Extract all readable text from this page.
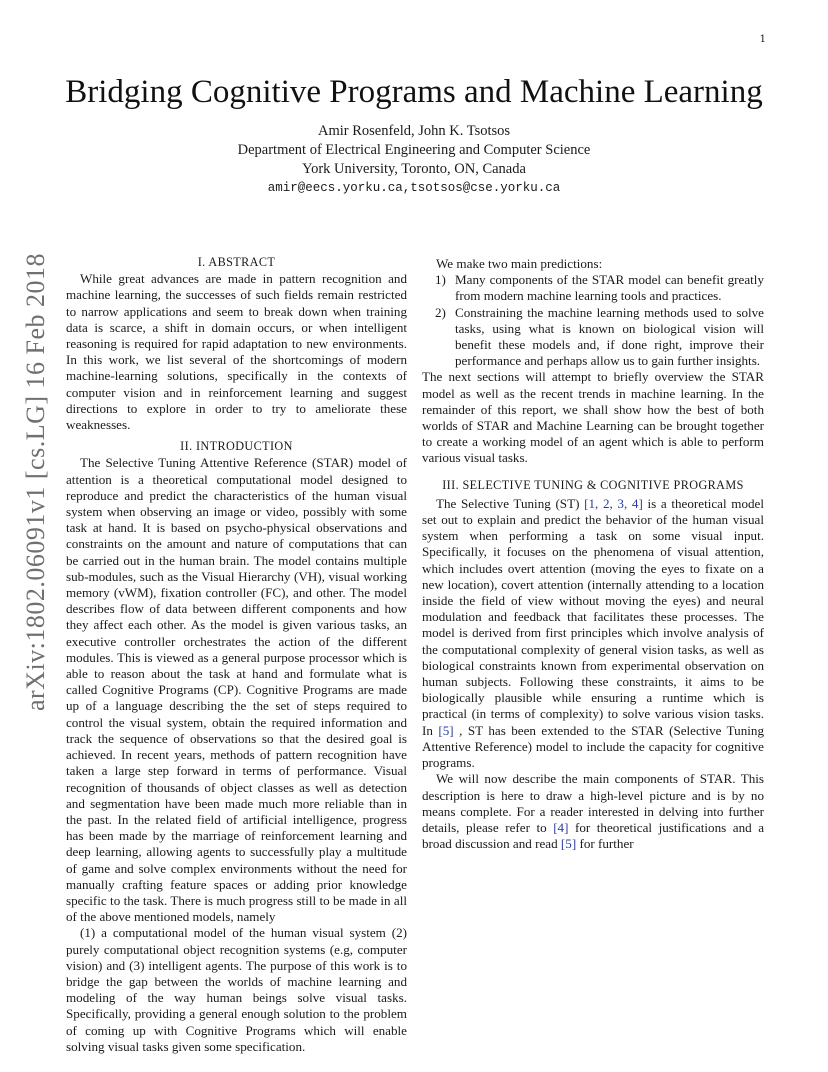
1
arXiv:1802.06091v1 [cs.LG] 16 Feb 2018
Bridging Cognitive Programs and Machine Learning
Amir Rosenfeld, John K. Tsotsos
Department of Electrical Engineering and Computer Science
York University, Toronto, ON, Canada
amir@eecs.yorku.ca,tsotsos@cse.yorku.ca
I. ABSTRACT

While great advances are made in pattern recognition and machine learning, the successes of such fields remain restricted to narrow applications and seem to break down when training data is scarce, a shift in domain occurs, or when intelligent reasoning is required for rapid adaptation to new environments. In this work, we list several of the shortcomings of modern machine-learning solutions, specifically in the contexts of computer vision and in reinforcement learning and suggest directions to explore in order to try to ameliorate these weaknesses.

II. INTRODUCTION

The Selective Tuning Attentive Reference (STAR) model of attention is a theoretical computational model designed to reproduce and predict the characteristics of the human visual system when observing an image or video, possibly with some task at hand. It is based on psycho-physical observations and constraints on the amount and nature of computations that can be carried out in the human brain. The model contains multiple sub-modules, such as the Visual Hierarchy (VH), visual working memory (vWM), fixation controller (FC), and other. The model describes flow of data between different components and how they affect each other. As the model is given various tasks, an executive controller orchestrates the action of the different modules. This is viewed as a general purpose processor which is able to reason about the task at hand and formulate what is called Cognitive Programs (CP). Cognitive Programs are made up of a language describing the the set of steps required to control the visual system, obtain the required information and track the sequence of observations so that the desired goal is achieved. In recent years, methods of pattern recognition have taken a large step forward in terms of performance. Visual recognition of thousands of object classes as well as detection and segmentation have been made much more reliable than in the past. In the related field of artificial intelligence, progress has been made by the marriage of reinforcement learning and deep learning, allowing agents to successfully play a multitude of game and solve complex environments without the need for manually crafting feature spaces or adding prior knowledge specific to the task. There is much progress still to be made in all of the above mentioned models, namely

(1) a computational model of the human visual system (2) purely computational object recognition systems (e.g, computer vision) and (3) intelligent agents. The purpose of this work is to bridge the gap between the worlds of machine learning and modeling of the way human beings solve visual tasks. Specifically, providing a general enough solution to the problem of coming up with Cognitive Programs which will enable solving visual tasks given some specification.

We make two main predictions:

1) Many components of the STAR model can benefit greatly from modern machine learning tools and practices.
2) Constraining the machine learning methods used to solve tasks, using what is known on biological vision will benefit these models and, if done right, improve their performance and perhaps allow us to gain further insights.

The next sections will attempt to briefly overview the STAR model as well as the recent trends in machine learning. In the remainder of this report, we shall show how the best of both worlds of STAR and Machine Learning can be brought together to create a working model of an agent which is able to perform various visual tasks.

III. SELECTIVE TUNING & COGNITIVE PROGRAMS

The Selective Tuning (ST) [1, 2, 3, 4] is a theoretical model set out to explain and predict the behavior of the human visual system when performing a task on some visual input. Specifically, it focuses on the phenomena of visual attention, which includes overt attention (moving the eyes to fixate on a new location), covert attention (internally attending to a location inside the field of view without moving the eyes) and neural modulation and feedback that facilitates these processes. The model is derived from first principles which involve analysis of the computational complexity of general vision tasks, as well as biological constraints known from experimental observation on human subjects. Following these constraints, it aims to be biologically plausible while ensuring a runtime which is practical (in terms of complexity) to solve various vision tasks. In [5] , ST has been extended to the STAR (Selective Tuning Attentive Reference) model to include the capacity for cognitive programs.

We will now describe the main components of STAR. This description is here to draw a high-level picture and is by no means complete. For a reader interested in delving into further details, please refer to [4] for theoretical justifications and a broad discussion and read [5] for further
